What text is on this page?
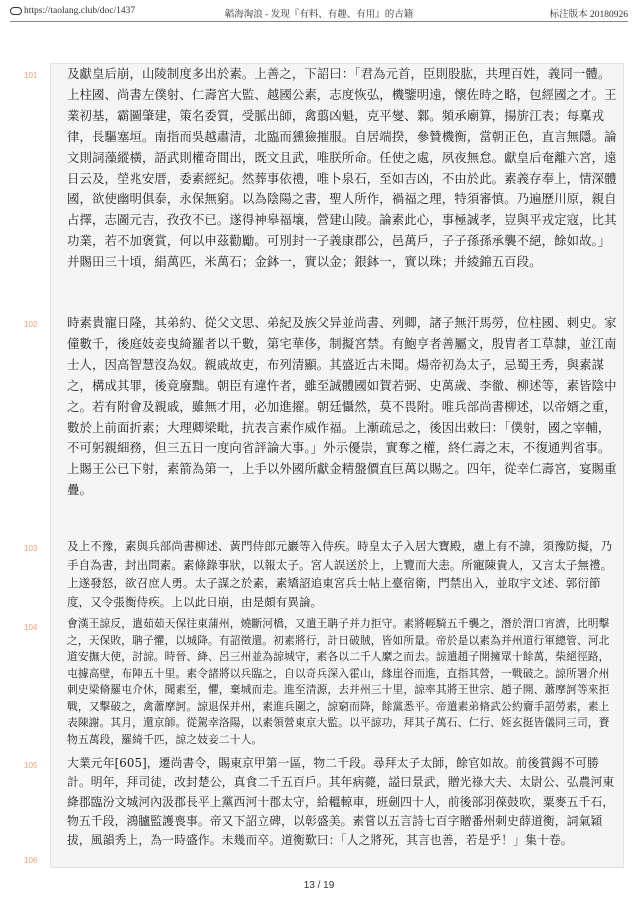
https://taolang.club/doc/1437	韜海淘浪 - 发现『有料、有趣、有用』的古籍	标注版本 20180926
101 及獻皇后崩，山陵制度多出於素。上善之，下詔曰：「君為元首，臣則股肱，共理百姓，義同一體。上柱國、尚書左僕射、仁壽宮大監、越國公素，志度恢弘，機鑒明遠，懷佐時之略，包經國之才。王業初基，霸圖肇建，策名委質，受脈出師，禽翦凶魁，克平燮、鄴。頻承廟算，揚旂江表；每稟戎律，長驅塞垣。南指而吳越肅清，北臨而獯獫摧服。自居端揆，參贊機衡，當朝正色，直言無隱。論文則詞藻縱橫，語武則權奇間出，既文且武，唯朕所命。任使之處，夙夜無怠。獻皇后奄離六宮，遠日云及，塋兆安厝，委素經紀。然葬事依禮，唯卜泉石，至如吉凶，不由於此。素義存奉上，情深體國，欲使幽明俱泰，永保無窮。以為陰陽之書，聖人所作，禍福之理，特須審慎。乃遍歷川原，親自占擇，志圖元吉，孜孜不已。遂得神皋福壤，營建山陵。論素此心，事極誠孝，豈與平戎定寇，比其功業，若不加褒賞，何以申茲勸勵。可別封一子義康郡公，邑萬戶，子子孫孫承襲不絕，餘如故。」并賜田三十頃，絹萬匹，米萬石；金鉢一，實以金；銀鉢一，實以珠；并綾錦五百段。
102 時素貴寵日隆，其弟約、從父文思、弟紀及族父异並尚書、列卿，諸子無汗馬勞，位柱國、刺史。家僮數千，後庭妓妾曳綺羅者以千數，第宅華侈，制擬宮禁。有鮑亨者善屬文，殷胄者工草隸，並江南士人，因高智慧沒為奴。親戚故吏，布列清顯。其盛近古未聞。煬帝初為太子，忌蜀王秀，與素謀之，構成其罪，後竟廢黜。朝臣有違忤者，雖至誠體國如賀若弼、史萬歲、李徹、柳述等，素皆陰中之。若有附會及親戚，雖無才用，必加進擢。朝廷懾然，莫不畏附。唯兵部尚書柳述，以帝婿之重，數於上前面折素；大理卿梁毗，抗表言素作威作福。上漸疏忌之，後因出敕曰：「僕射，國之宰輔，不可躬親細務，但三五日一度向省評論大事。」外示優崇，實奪之權，終仁壽之末，不復通判省事。上賜王公已下射，素箭為第一，上手以外國所獻金精盤價直巨萬以賜之。四年，從幸仁壽宮，宴賜重疊。
103	及上不豫，素與兵部尚書柳述、黃門侍郎元巖等入侍疾。時皇太子入居大寶殿，慮上有不諱，須豫防擬，乃手自為書，封出問素。素條錄事狀，以報太子。宮人誤送於上，上覽而大恚。所寵陳貴人，又言太子無禮。上遂發怒，欲召庶人勇。太子謀之於素，素矯詔追東宮兵士帖上臺宿衛，門禁出入，並取宇文述、郭衍節度，又令張衡侍疾。上以此日崩，由是頗有異論。
104	會漢王諒反，遣茹茹天保往東蒲州，燒斷河橋，又遣王聃子并力拒守。素將輕騎五千襲之，潛於渭口宵濟，比明擊之，天保敗，聃子懼，以城降。有詔徵還。初素將行，計日破賊，皆如所量。帝於是以素為并州道行軍總管、河北道安撫大使，討諒。時晉、絳、呂三州並為諒城守，素各以二千人縻之而去。諒遣趙子開擁眾十餘萬，柴絕徑路，屯據高壁，布陣五十里。素令諸將以兵臨之，自以奇兵深入霍山，緣崖谷而進，直指其營，一戰破之。諒所署介州刺史梁脩羅屯介休，聞素至，懼，棄城而走。進至清源，去并州三十里，諒率其將王世宗、趙子開、蕭摩訶等來拒戰，又擊破之，禽蕭摩訶。諒退保并州，素進兵圍之，諒窮而降，餘黨悉平。帝遣素弟脩武公約齎手詔勞素，素上表陳謝。其月，還京師。從駕幸洛陽，以素領營東京大監。以平諒功，拜其子萬石、仁行、姪玄挺皆儀同三司，賚物五萬段，羅綺千匹，諒之妓妾二十人。
105	大業元年[605]，遷尚書令，賜東京甲第一區，物二千段。尋拜太子太師，餘官如故。前後賞錫不可勝計。明年，拜司徒，改封楚公，真食二千五百戶。其年病薨，謚曰景武，贈光祿大夫、太尉公、弘農河東絳郡臨汾文城河內汲郡長平上黨西河十郡太守，給轀輬車，班劍四十人，前後部羽葆鼓吹，粟麥五千石，物五千段，鴻臚監護喪事。帝又下詔立碑，以彰盛美。素嘗以五言詩七百字贈番州刺史薛道衡，詞氣穎拔，風韻秀上，為一時盛作。未幾而卒。道衡歎曰：「人之將死，其言也善，若是乎！」集十卷。
106
13 / 19
